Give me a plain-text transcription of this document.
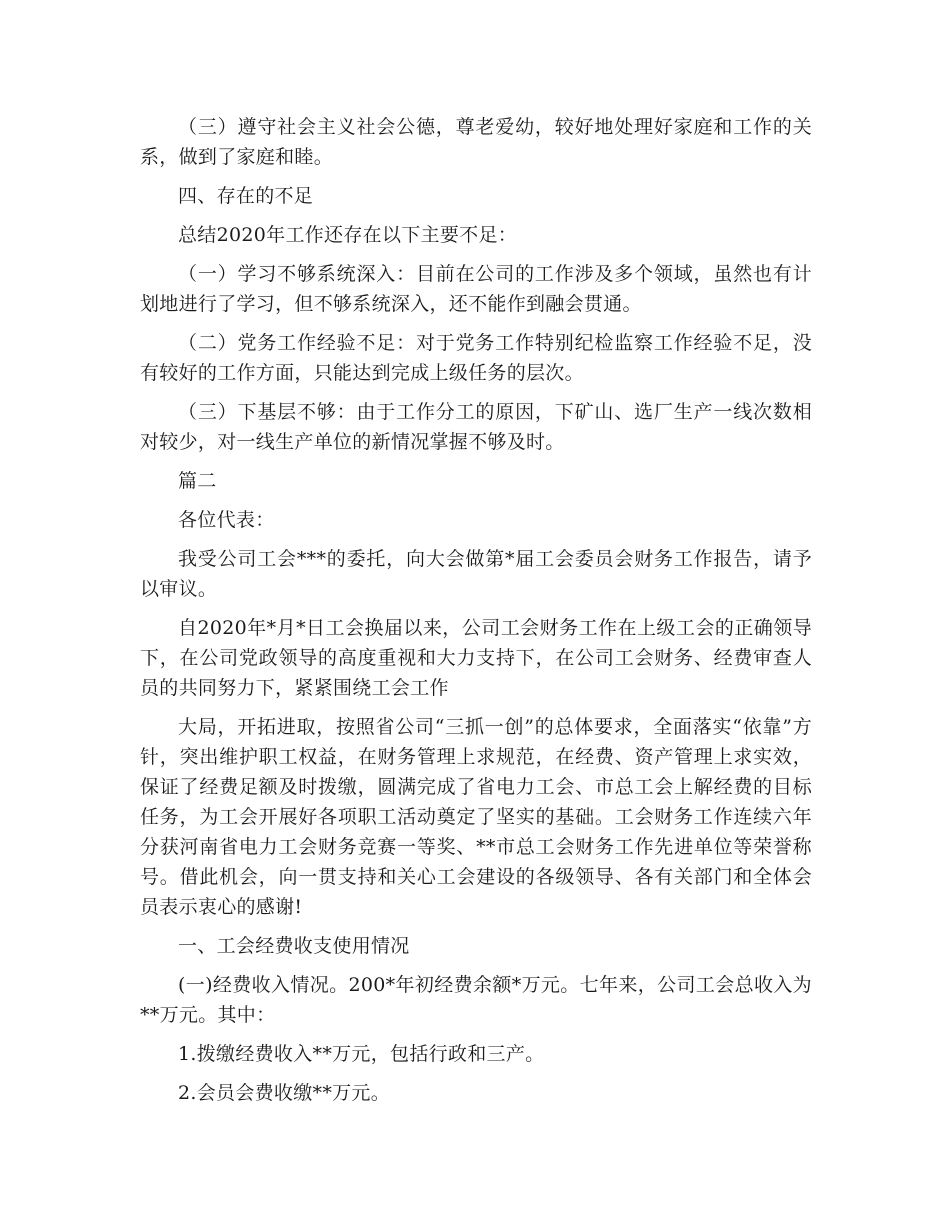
（三）遵守社会主义社会公德，尊老爱幼，较好地处理好家庭和工作的关系，做到了家庭和睦。

四、存在的不足

总结2020年工作还存在以下主要不足：

（一）学习不够系统深入：目前在公司的工作涉及多个领域，虽然也有计划地进行了学习，但不够系统深入，还不能作到融会贯通。

（二）党务工作经验不足：对于党务工作特别纪检监察工作经验不足，没有较好的工作方面，只能达到完成上级任务的层次。

（三）下基层不够：由于工作分工的原因，下矿山、选厂生产一线次数相对较少，对一线生产单位的新情况掌握不够及时。

篇二

各位代表：

我受公司工会***的委托，向大会做第*届工会委员会财务工作报告，请予以审议。

自2020年*月*日工会换届以来，公司工会财务工作在上级工会的正确领导下，在公司党政领导的高度重视和大力支持下，在公司工会财务、经费审查人员的共同努力下，紧紧围绕工会工作

大局，开拓进取，按照省公司“三抓一创”的总体要求，全面落实“依靠”方针，突出维护职工权益，在财务管理上求规范，在经费、资产管理上求实效，保证了经费足额及时拨缴，圆满完成了省电力工会、市总工会上解经费的目标任务，为工会开展好各项职工活动奠定了坚实的基础。工会财务工作连续六年分获河南省电力工会财务竞赛一等奖、**市总工会财务工作先进单位等荣誉称号。借此机会，向一贯支持和关心工会建设的各级领导、各有关部门和全体会员表示衷心的感谢!

一、工会经费收支使用情况

(一)经费收入情况。200*年初经费余额*万元。七年来，公司工会总收入为**万元。其中：

1.拨缴经费收入**万元，包括行政和三产。

2.会员会费收缴**万元。
